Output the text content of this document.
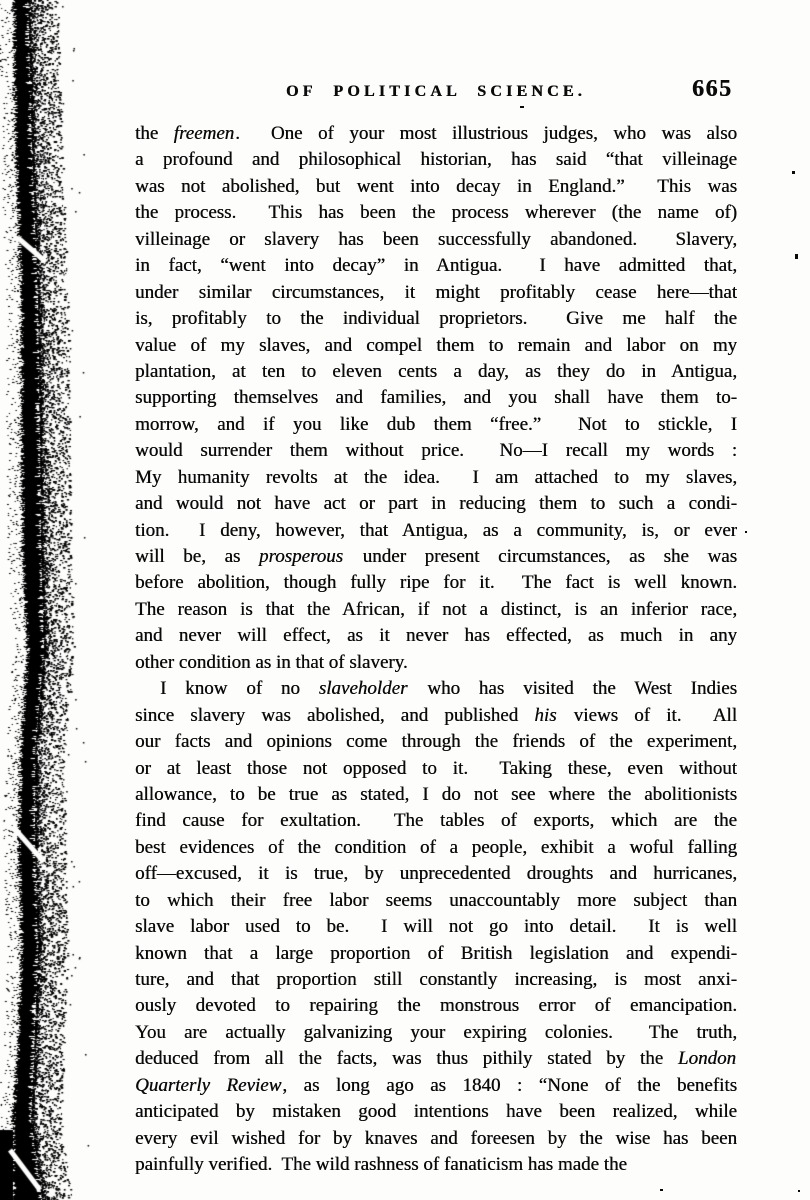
OF POLITICAL SCIENCE.	665
the freemen.  One of your most illustrious judges, who was also
a profound and philosophical historian, has said “that villeinage
was not abolished, but went into decay in England.”  This was
the process.  This has been the process wherever (the name of)
villeinage or slavery has been successfully abandoned.  Slavery,
in fact, “went into decay” in Antigua.  I have admitted that,
under similar circumstances, it might profitably cease here—that
is, profitably to the individual proprietors.  Give me half the
value of my slaves, and compel them to remain and labor on my
plantation, at ten to eleven cents a day, as they do in Antigua,
supporting themselves and families, and you shall have them to-
morrow, and if you like dub them “free.”  Not to stickle, I
would surrender them without price.  No—I recall my words :
My humanity revolts at the idea.  I am attached to my slaves,
and would not have act or part in reducing them to such a condi-
tion.  I deny, however, that Antigua, as a community, is, or ever
will be, as prosperous under present circumstances, as she was
before abolition, though fully ripe for it.  The fact is well known.
The reason is that the African, if not a distinct, is an inferior race,
and never will effect, as it never has effected, as much in any
other condition as in that of slavery.
I know of no slaveholder who has visited the West Indies
since slavery was abolished, and published his views of it.  All
our facts and opinions come through the friends of the experiment,
or at least those not opposed to it.  Taking these, even without
allowance, to be true as stated, I do not see where the abolitionists
find cause for exultation.  The tables of exports, which are the
best evidences of the condition of a people, exhibit a woful falling
off—excused, it is true, by unprecedented droughts and hurricanes,
to which their free labor seems unaccountably more subject than
slave labor used to be.  I will not go into detail.  It is well
known that a large proportion of British legislation and expendi-
ture, and that proportion still constantly increasing, is most anxi-
ously devoted to repairing the monstrous error of emancipation.
You are actually galvanizing your expiring colonies.  The truth,
deduced from all the facts, was thus pithily stated by the London
Quarterly Review, as long ago as 1840 : “None of the benefits
anticipated by mistaken good intentions have been realized, while
every evil wished for by knaves and foreesen by the wise has been
painfully verified.  The wild rashness of fanaticism has made the
